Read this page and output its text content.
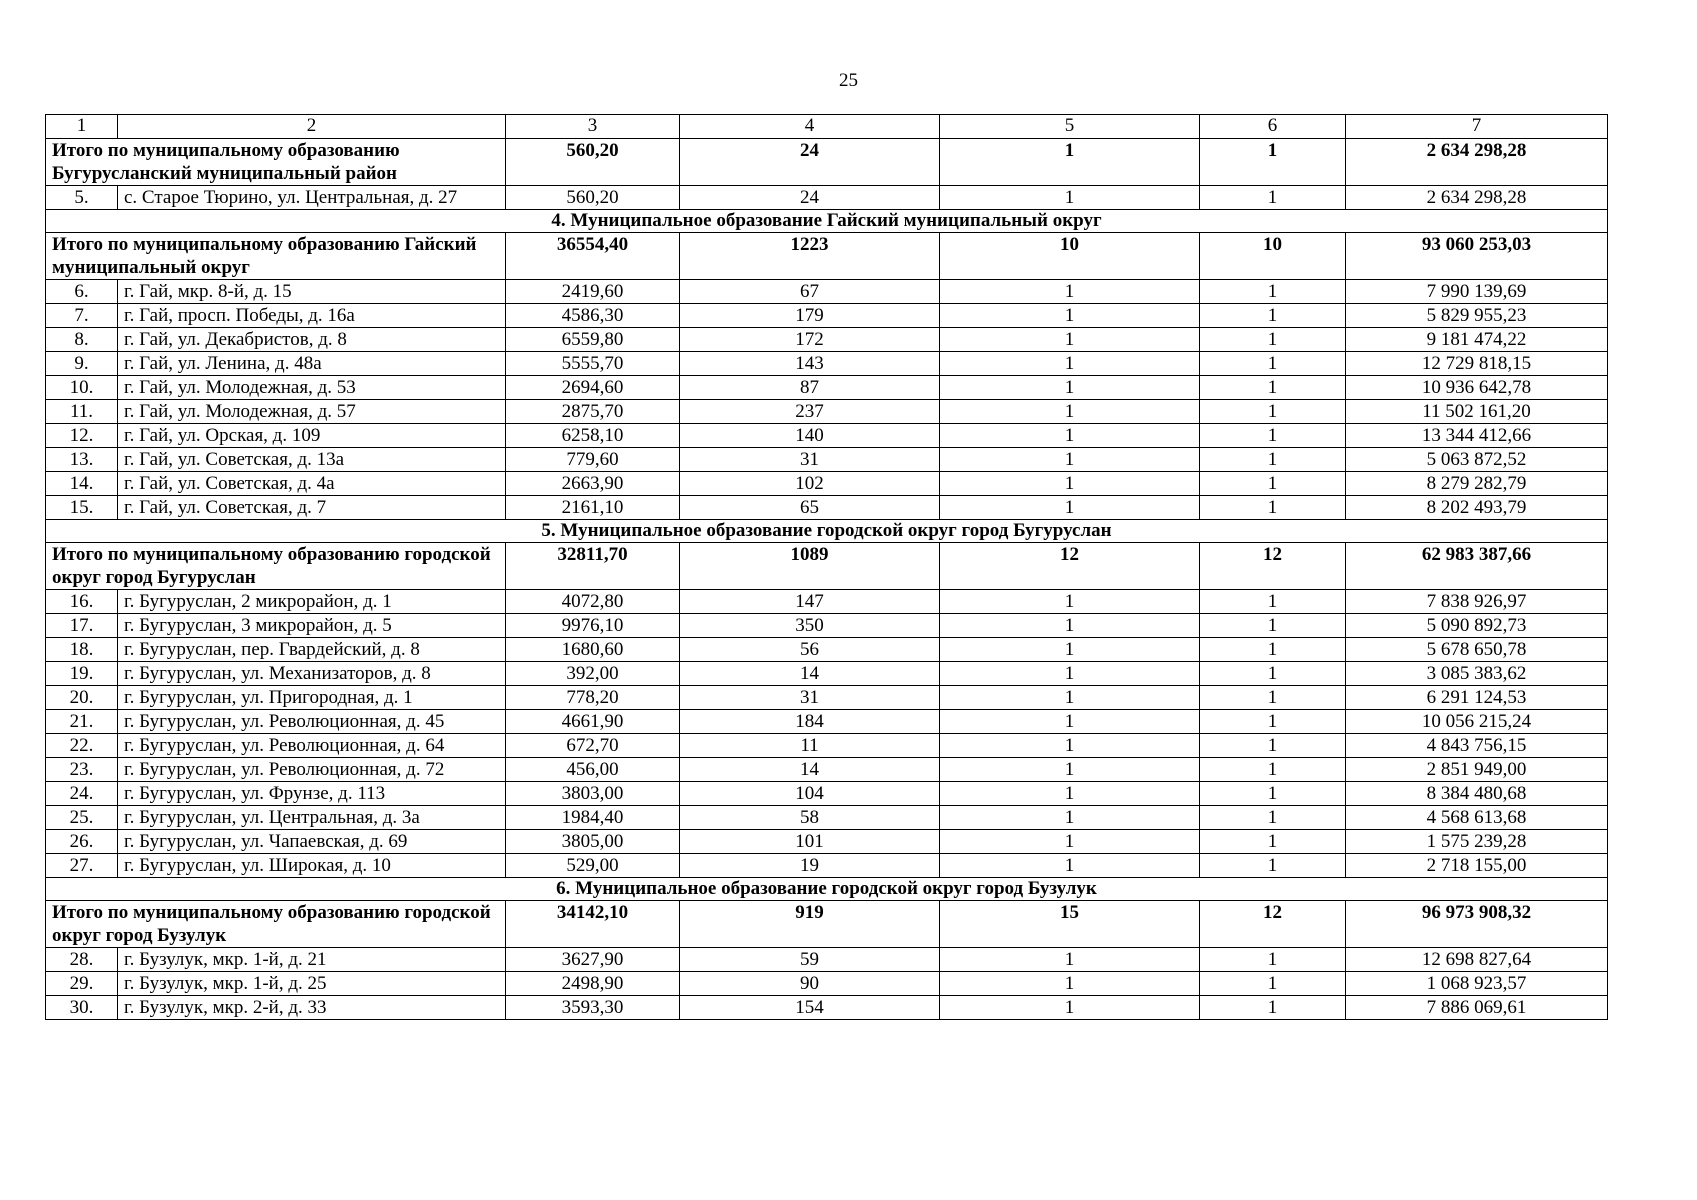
25
1	2	3	4	5	6	7
Итого по муниципальному образованию Бугурусланский муниципальный район		560,20	24	1	1	2 634 298,28
5.	с. Старое Тюрино, ул. Центральная, д. 27	560,20	24	1	1	2 634 298,28
4. Муниципальное образование Гайский муниципальный округ						
Итого по муниципальному образованию Гайский муниципальный округ		36554,40	1223	10	10	93 060 253,03
6.	г. Гай, мкр. 8-й, д. 15	2419,60	67	1	1	7 990 139,69
7.	г. Гай, просп. Победы, д. 16а	4586,30	179	1	1	5 829 955,23
8.	г. Гай, ул. Декабристов, д. 8	6559,80	172	1	1	9 181 474,22
9.	г. Гай, ул. Ленина, д. 48а	5555,70	143	1	1	12 729 818,15
10.	г. Гай, ул. Молодежная, д. 53	2694,60	87	1	1	10 936 642,78
11.	г. Гай, ул. Молодежная, д. 57	2875,70	237	1	1	11 502 161,20
12.	г. Гай, ул. Орская, д. 109	6258,10	140	1	1	13 344 412,66
13.	г. Гай, ул. Советская, д. 13а	779,60	31	1	1	5 063 872,52
14.	г. Гай, ул. Советская, д. 4а	2663,90	102	1	1	8 279 282,79
15.	г. Гай, ул. Советская, д. 7	2161,10	65	1	1	8 202 493,79
5. Муниципальное образование городской округ город Бугуруслан						
Итого по муниципальному образованию городской округ город Бугуруслан		32811,70	1089	12	12	62 983 387,66
16.	г. Бугуруслан, 2 микрорайон, д. 1	4072,80	147	1	1	7 838 926,97
17.	г. Бугуруслан, 3 микрорайон, д. 5	9976,10	350	1	1	5 090 892,73
18.	г. Бугуруслан, пер. Гвардейский, д. 8	1680,60	56	1	1	5 678 650,78
19.	г. Бугуруслан, ул. Механизаторов, д. 8	392,00	14	1	1	3 085 383,62
20.	г. Бугуруслан, ул. Пригородная, д. 1	778,20	31	1	1	6 291 124,53
21.	г. Бугуруслан, ул. Революционная, д. 45	4661,90	184	1	1	10 056 215,24
22.	г. Бугуруслан, ул. Революционная, д. 64	672,70	11	1	1	4 843 756,15
23.	г. Бугуруслан, ул. Революционная, д. 72	456,00	14	1	1	2 851 949,00
24.	г. Бугуруслан, ул. Фрунзе, д. 113	3803,00	104	1	1	8 384 480,68
25.	г. Бугуруслан, ул. Центральная, д. 3а	1984,40	58	1	1	4 568 613,68
26.	г. Бугуруслан, ул. Чапаевская, д. 69	3805,00	101	1	1	1 575 239,28
27.	г. Бугуруслан, ул. Широкая, д. 10	529,00	19	1	1	2 718 155,00
6. Муниципальное образование городской округ город Бузулук						
Итого по муниципальному образованию городской округ город Бузулук		34142,10	919	15	12	96 973 908,32
28.	г. Бузулук, мкр. 1-й, д. 21	3627,90	59	1	1	12 698 827,64
29.	г. Бузулук, мкр. 1-й, д. 25	2498,90	90	1	1	1 068 923,57
30.	г. Бузулук, мкр. 2-й, д. 33	3593,30	154	1	1	7 886 069,61
